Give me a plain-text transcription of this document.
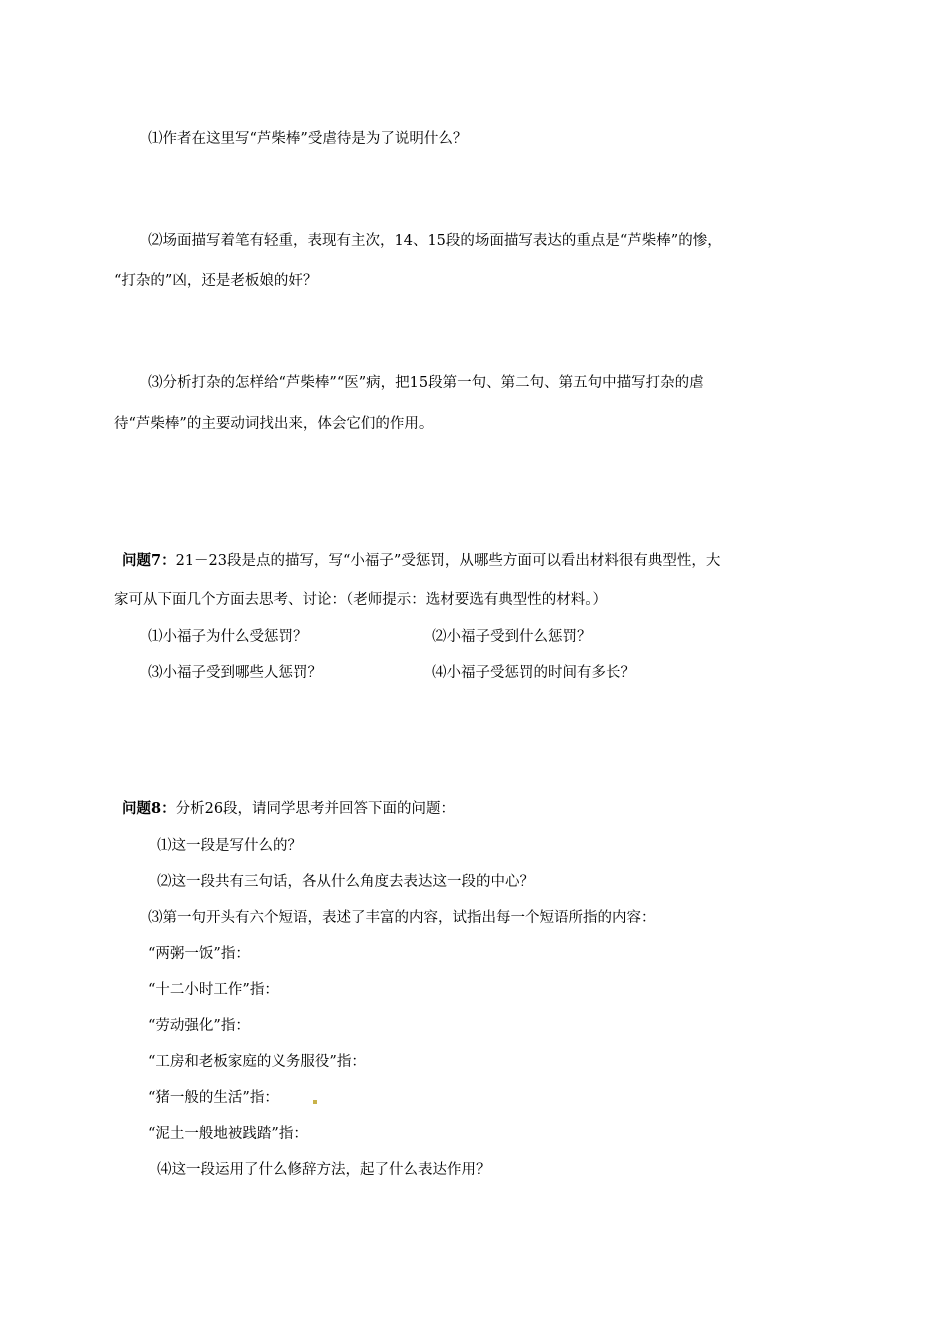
⑴作者在这里写“芦柴棒”受虐待是为了说明什么？
⑵场面描写着笔有轻重，表现有主次，14、15段的场面描写表达的重点是“芦柴棒”的惨，
“打杂的”凶，还是老板娘的奸？
⑶分析打杂的怎样给“芦柴棒”“医”病，把15段第一句、第二句、第五句中描写打杂的虐
待“芦柴棒”的主要动词找出来，体会它们的作用。
问题7：21－23段是点的描写，写“小福子”受惩罚，从哪些方面可以看出材料很有典型性，大
家可从下面几个方面去思考、讨论：（老师提示：选材要选有典型性的材料。）
⑴小福子为什么受惩罚？	⑵小福子受到什么惩罚？
⑶小福子受到哪些人惩罚？	⑷小福子受惩罚的时间有多长？
问题8：分析26段，请同学思考并回答下面的问题：
⑴这一段是写什么的？
⑵这一段共有三句话，各从什么角度去表达这一段的中心？
⑶第一句开头有六个短语，表述了丰富的内容，试指出每一个短语所指的内容：
“两粥一饭”指：
“十二小时工作”指：
“劳动强化”指：
“工房和老板家庭的义务服役”指：
“猪一般的生活”指：
“泥土一般地被践踏”指：
⑷这一段运用了什么修辞方法，起了什么表达作用？
